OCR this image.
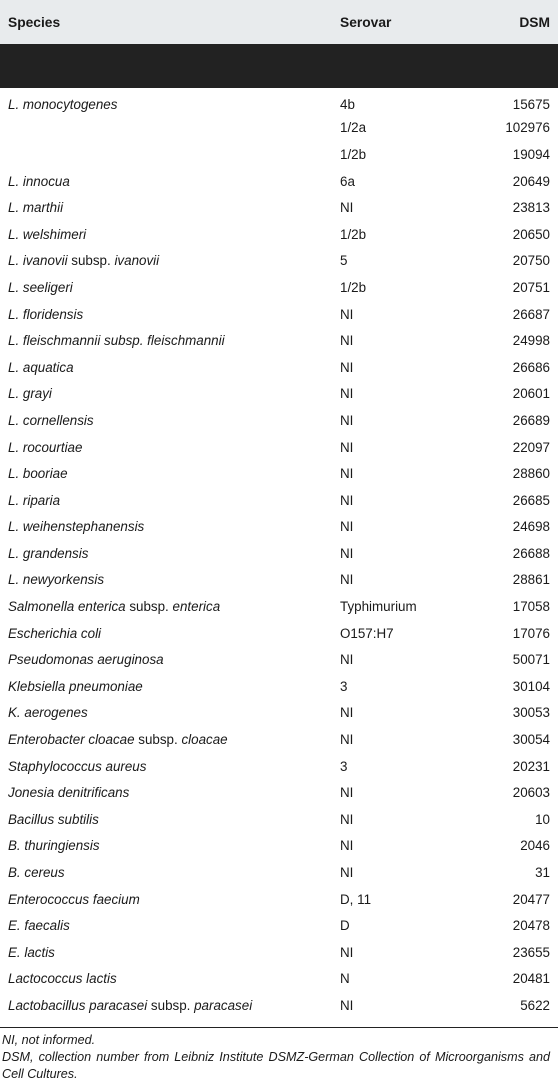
Species	Serovar	DSM

L. monocytogenes	4b	15675
	1/2a	102976
	1/2b	19094
L. innocua	6a	20649
L. marthii	NI	23813
L. welshimeri	1/2b	20650
L. ivanovii subsp. ivanovii	5	20750
L. seeligeri	1/2b	20751
L. floridensis	NI	26687
L. fleischmannii subsp. fleischmannii	NI	24998
L. aquatica	NI	26686
L. grayi	NI	20601
L. cornellensis	NI	26689
L. rocourtiae	NI	22097
L. booriae	NI	28860
L. riparia	NI	26685
L. weihenstephanensis	NI	24698
L. grandensis	NI	26688
L. newyorkensis	NI	28861
Salmonella enterica subsp. enterica	Typhimurium	17058
Escherichia coli	O157:H7	17076
Pseudomonas aeruginosa	NI	50071
Klebsiella pneumoniae	3	30104
K. aerogenes	NI	30053
Enterobacter cloacae subsp. cloacae	NI	30054
Staphylococcus aureus	3	20231
Jonesia denitrificans	NI	20603
Bacillus subtilis	NI	10
B. thuringiensis	NI	2046
B. cereus	NI	31
Enterococcus faecium	D, 11	20477
E. faecalis	D	20478
E. lactis	NI	23655
Lactococcus lactis	N	20481
Lactobacillus paracasei subsp. paracasei	NI	5622

NI, not informed.

DSM, collection number from Leibniz Institute DSMZ-German Collection of Microorganisms and Cell Cultures.
